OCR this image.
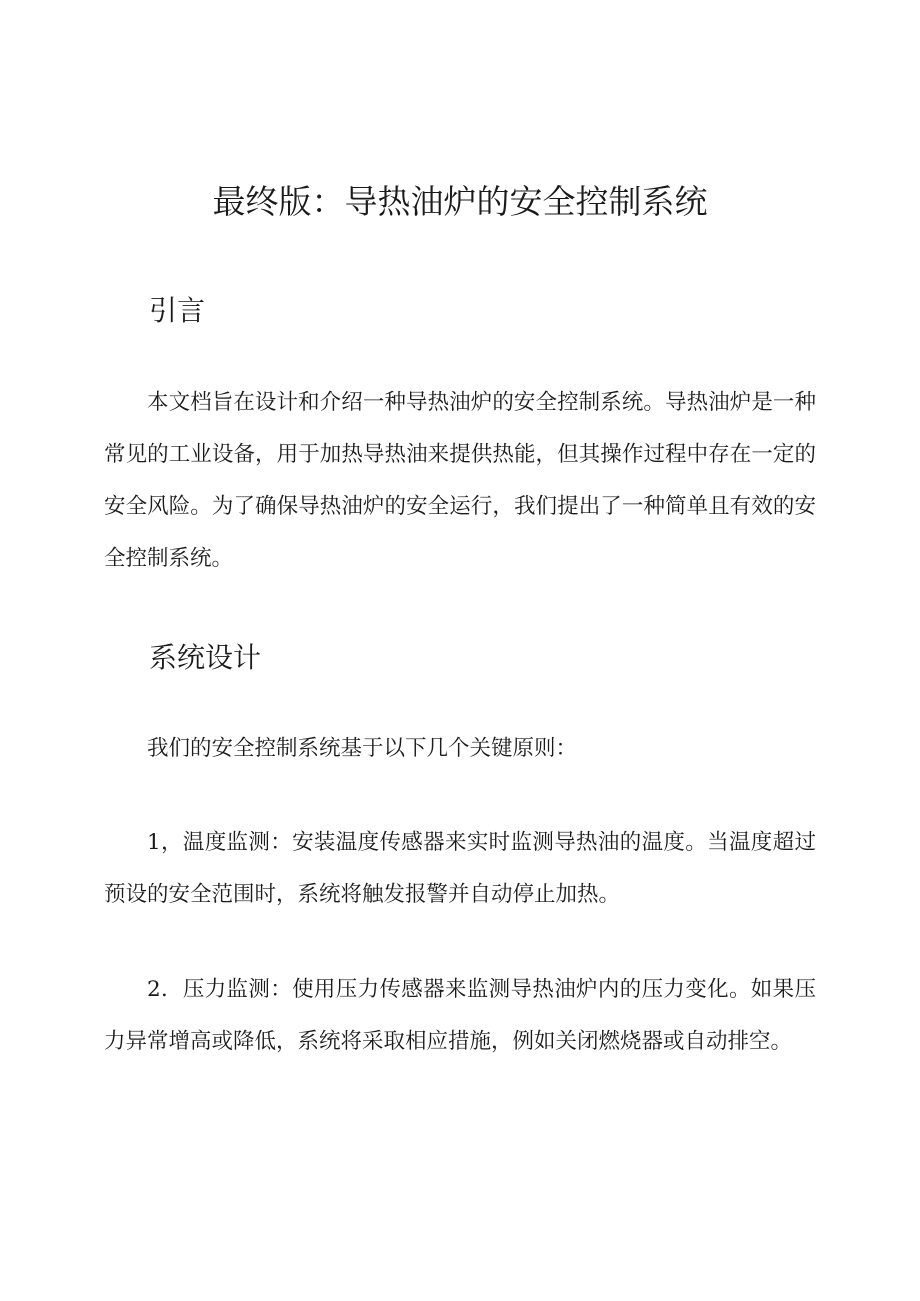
最终版：导热油炉的安全控制系统
引言

本文档旨在设计和介绍一种导热油炉的安全控制系统。导热油炉是一种常见的工业设备，用于加热导热油来提供热能，但其操作过程中存在一定的安全风险。为了确保导热油炉的安全运行，我们提出了一种简单且有效的安全控制系统。

系统设计

我们的安全控制系统基于以下几个关键原则：

1，温度监测：安装温度传感器来实时监测导热油的温度。当温度超过预设的安全范围时，系统将触发报警并自动停止加热。

2．压力监测：使用压力传感器来监测导热油炉内的压力变化。如果压力异常增高或降低，系统将采取相应措施，例如关闭燃烧器或自动排空。
